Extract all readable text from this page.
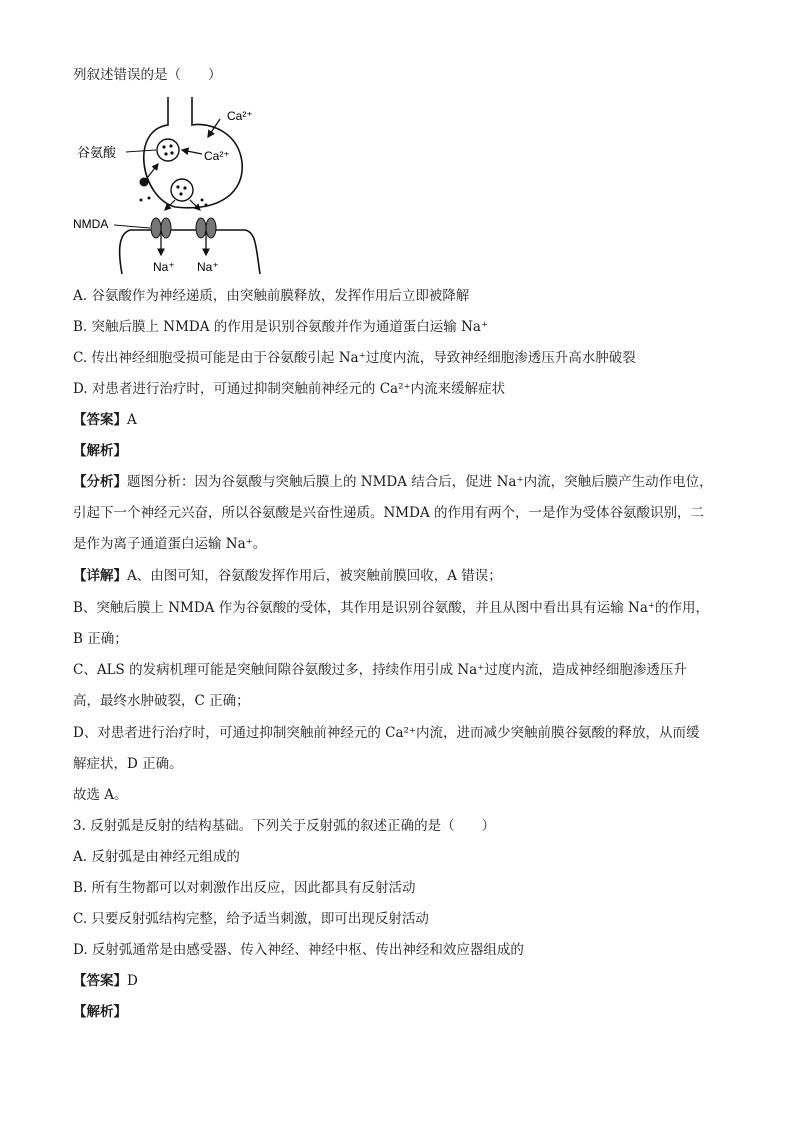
列叙述错误的是（　　）
Ca²⁺
Ca²⁺
谷氨酸
NMDA
Na⁺ Na⁺
A. 谷氨酸作为神经递质，由突触前膜释放，发挥作用后立即被降解
B. 突触后膜上 NMDA 的作用是识别谷氨酸并作为通道蛋白运输 Na⁺
C. 传出神经细胞受损可能是由于谷氨酸引起 Na⁺过度内流，导致神经细胞渗透压升高水肿破裂
D. 对患者进行治疗时，可通过抑制突触前神经元的 Ca²⁺内流来缓解症状
【答案】A
【解析】
【分析】题图分析：因为谷氨酸与突触后膜上的 NMDA 结合后，促进 Na⁺内流，突触后膜产生动作电位，
引起下一个神经元兴奋，所以谷氨酸是兴奋性递质。NMDA 的作用有两个，一是作为受体谷氨酸识别，二
是作为离子通道蛋白运输 Na⁺。
【详解】A、由图可知，谷氨酸发挥作用后，被突触前膜回收，A 错误；
B、突触后膜上 NMDA 作为谷氨酸的受体，其作用是识别谷氨酸，并且从图中看出具有运输 Na⁺的作用，
B 正确；
C、ALS 的发病机理可能是突触间隙谷氨酸过多，持续作用引成 Na⁺过度内流，造成神经细胞渗透压升
高，最终水肿破裂，C 正确；
D、对患者进行治疗时，可通过抑制突触前神经元的 Ca²⁺内流，进而减少突触前膜谷氨酸的释放，从而缓
解症状，D 正确。
故选 A。
3. 反射弧是反射的结构基础。下列关于反射弧的叙述正确的是（　　）
A. 反射弧是由神经元组成的
B. 所有生物都可以对刺激作出反应，因此都具有反射活动
C. 只要反射弧结构完整，给予适当刺激，即可出现反射活动
D. 反射弧通常是由感受器、传入神经、神经中枢、传出神经和效应器组成的
【答案】D
【解析】
